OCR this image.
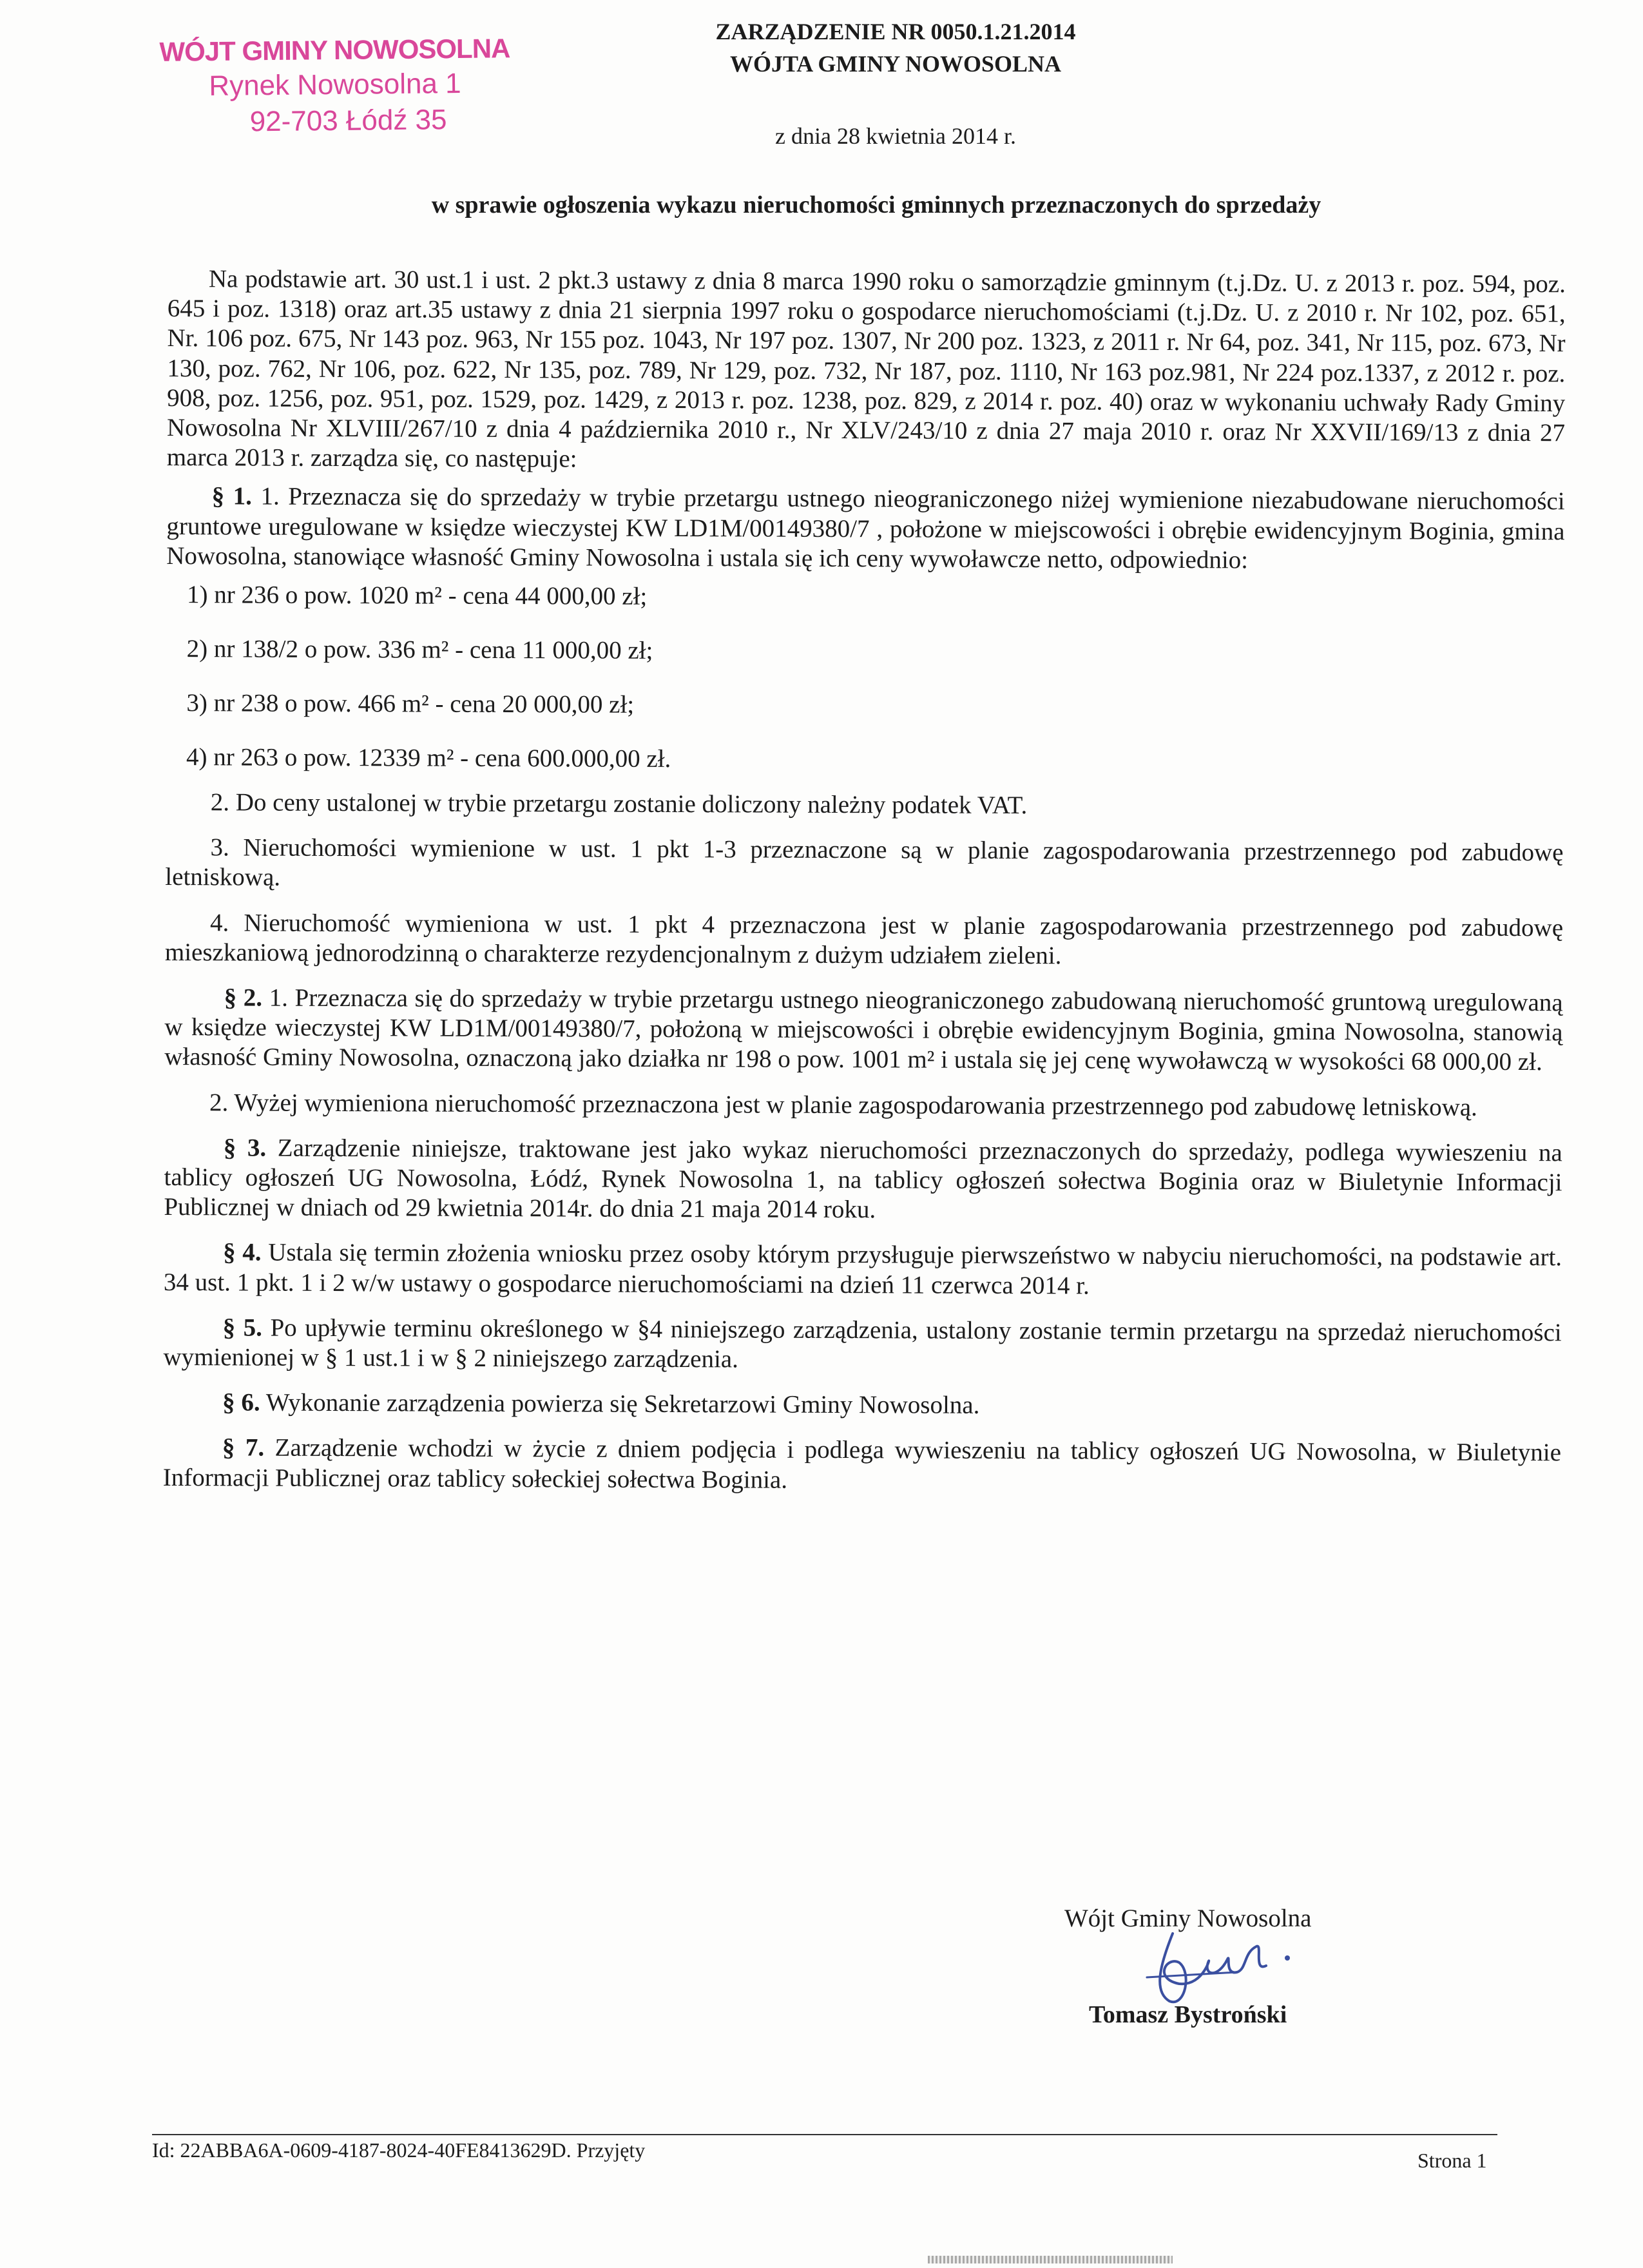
WÓJT GMINY NOWOSOLNA
Rynek Nowosolna 1
92-703 Łódź 35
ZARZĄDZENIE NR 0050.1.21.2014
WÓJTA GMINY NOWOSOLNA
z dnia 28 kwietnia 2014 r.
w sprawie ogłoszenia wykazu nieruchomości gminnych przeznaczonych do sprzedaży

Na podstawie art. 30 ust.1 i ust. 2 pkt.3 ustawy z dnia 8 marca 1990 roku o samorządzie gminnym (t.j.Dz. U. z 2013 r. poz. 594, poz. 645 i poz. 1318) oraz art.35 ustawy z dnia 21 sierpnia 1997 roku o gospodarce nieruchomościami (t.j.Dz. U. z 2010 r. Nr 102, poz. 651, Nr. 106 poz. 675, Nr 143 poz. 963, Nr 155 poz. 1043, Nr 197 poz. 1307, Nr 200 poz. 1323, z 2011 r. Nr 64, poz. 341, Nr 115, poz. 673, Nr 130, poz. 762, Nr 106, poz. 622, Nr 135, poz. 789, Nr 129, poz. 732, Nr 187, poz. 1110, Nr 163 poz.981, Nr 224 poz.1337, z 2012 r. poz. 908, poz. 1256, poz. 951, poz. 1529, poz. 1429, z 2013 r. poz. 1238, poz. 829, z 2014 r. poz. 40) oraz w wykonaniu uchwały Rady Gminy Nowosolna Nr XLVIII/267/10 z dnia 4 października 2010 r., Nr XLV/243/10 z dnia 27 maja 2010 r. oraz Nr XXVII/169/13 z dnia 27 marca 2013 r. zarządza się, co następuje:

§ 1. 1. Przeznacza się do sprzedaży w trybie przetargu ustnego nieograniczonego niżej wymienione niezabudowane nieruchomości gruntowe uregulowane w księdze wieczystej KW LD1M/00149380/7 , położone w miejscowości i obrębie ewidencyjnym Boginia, gmina Nowosolna, stanowiące własność Gminy Nowosolna i ustala się ich ceny wywoławcze netto, odpowiednio:

1) nr 236 o pow. 1020 m² - cena 44 000,00 zł;

2) nr 138/2 o pow. 336 m² - cena 11 000,00 zł;

3) nr 238 o pow. 466 m² - cena 20 000,00 zł;

4) nr 263 o pow. 12339 m² - cena 600.000,00 zł.

2. Do ceny ustalonej w trybie przetargu zostanie doliczony należny podatek VAT.

3. Nieruchomości wymienione w ust. 1 pkt 1-3 przeznaczone są w planie zagospodarowania przestrzennego pod zabudowę letniskową.

4. Nieruchomość wymieniona w ust. 1 pkt 4 przeznaczona jest w planie zagospodarowania przestrzennego pod zabudowę mieszkaniową jednorodzinną o charakterze rezydencjonalnym z dużym udziałem zieleni.

§ 2. 1. Przeznacza się do sprzedaży w trybie przetargu ustnego nieograniczonego zabudowaną nieruchomość gruntową uregulowaną w księdze wieczystej KW LD1M/00149380/7, położoną w miejscowości i obrębie ewidencyjnym Boginia, gmina Nowosolna, stanowią własność Gminy Nowosolna, oznaczoną jako działka nr 198 o pow. 1001 m² i ustala się jej cenę wywoławczą w wysokości 68 000,00 zł.

2. Wyżej wymieniona nieruchomość przeznaczona jest w planie zagospodarowania przestrzennego pod zabudowę letniskową.

§ 3. Zarządzenie niniejsze, traktowane jest jako wykaz nieruchomości przeznaczonych do sprzedaży, podlega wywieszeniu na tablicy ogłoszeń UG Nowosolna, Łódź, Rynek Nowosolna 1, na tablicy ogłoszeń sołectwa Boginia oraz w Biuletynie Informacji Publicznej w dniach od 29 kwietnia 2014r. do dnia 21 maja 2014 roku.

§ 4. Ustala się termin złożenia wniosku przez osoby którym przysługuje pierwszeństwo w nabyciu nieruchomości, na podstawie art. 34 ust. 1 pkt. 1 i 2 w/w ustawy o gospodarce nieruchomościami na dzień 11 czerwca 2014 r.

§ 5. Po upływie terminu określonego w §4 niniejszego zarządzenia, ustalony zostanie termin przetargu na sprzedaż nieruchomości wymienionej w § 1 ust.1 i w § 2 niniejszego zarządzenia.

§ 6. Wykonanie zarządzenia powierza się Sekretarzowi Gminy Nowosolna.

§ 7. Zarządzenie wchodzi w życie z dniem podjęcia i podlega wywieszeniu na tablicy ogłoszeń UG Nowosolna, w Biuletynie Informacji Publicznej oraz tablicy sołeckiej sołectwa Boginia.

Wójt Gminy Nowosolna
Tomasz Bystroński
Id: 22ABBA6A-0609-4187-8024-40FE8413629D. Przyjęty	Strona 1
